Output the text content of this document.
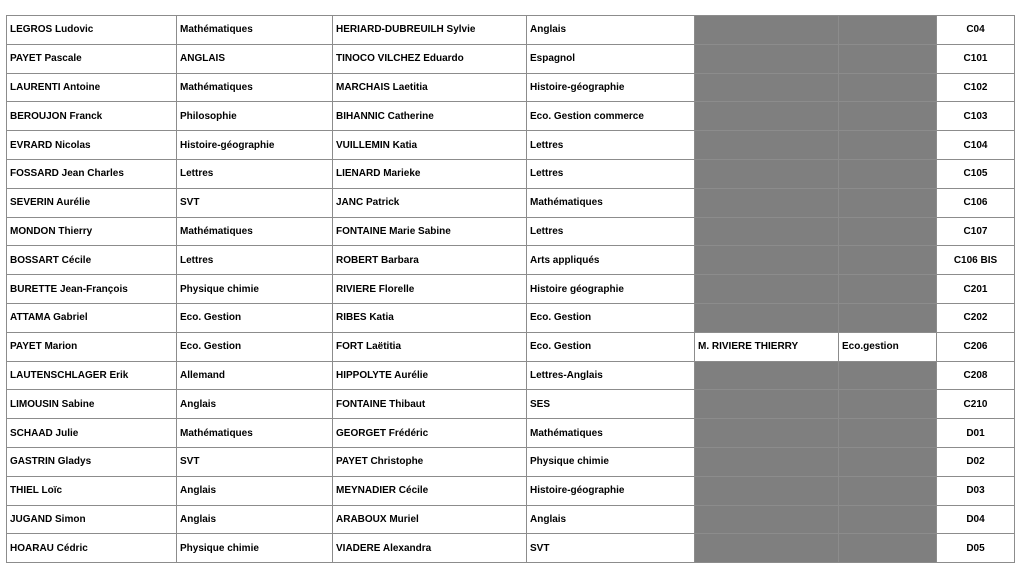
LEGROS Ludovic	Mathématiques	HERIARD-DUBREUILH Sylvie	Anglais			C04
PAYET Pascale	ANGLAIS	TINOCO VILCHEZ Eduardo	Espagnol			C101
LAURENTI Antoine	Mathématiques	MARCHAIS Laetitia	Histoire-géographie			C102
BEROUJON Franck	Philosophie	BIHANNIC Catherine	Eco. Gestion commerce			C103
EVRARD Nicolas	Histoire-géographie	VUILLEMIN Katia	Lettres			C104
FOSSARD Jean Charles	Lettres	LIENARD Marieke	Lettres			C105
SEVERIN Aurélie	SVT	JANC Patrick	Mathématiques			C106
MONDON Thierry	Mathématiques	FONTAINE Marie Sabine	Lettres			C107
BOSSART Cécile	Lettres	ROBERT Barbara	Arts appliqués			C106 BIS
BURETTE Jean-François	Physique chimie	RIVIERE Florelle	Histoire géographie			C201
ATTAMA Gabriel	Eco. Gestion	RIBES Katia	Eco. Gestion			C202
PAYET Marion	Eco. Gestion	FORT Laëtitia	Eco. Gestion	M. RIVIERE THIERRY	Eco.gestion	C206
LAUTENSCHLAGER Erik	Allemand	HIPPOLYTE Aurélie	Lettres-Anglais			C208
LIMOUSIN Sabine	Anglais	FONTAINE Thibaut	SES			C210
SCHAAD Julie	Mathématiques	GEORGET Frédéric	Mathématiques			D01
GASTRIN Gladys	SVT	PAYET Christophe	Physique chimie			D02
THIEL Loïc	Anglais	MEYNADIER Cécile	Histoire-géographie			D03
JUGAND Simon	Anglais	ARABOUX Muriel	Anglais			D04
HOARAU Cédric	Physique chimie	VIADERE Alexandra	SVT			D05
